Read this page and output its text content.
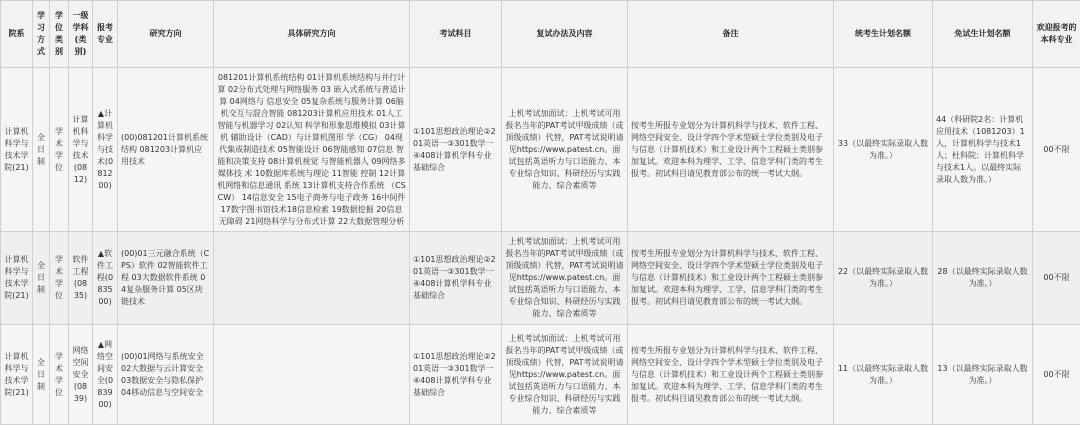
院系	学习方式	学位类别	一级学科(类别)	报考专业	研究方向	具体研究方向	考试科目	复试办法及内容	备注	统考生计划名额	免试生计划名额	欢迎报考的本科专业
计算机科学与技术学院(21)	全日制	学术学位	计算机科学与技术(0812)	▲计算机科学与技术(081200)	(00)081201计算机系统结构 081203计算机应用技术	081201计算机系统结构 01计算机系统结构与并行计算 02分布式处理与网络服务 03 嵌入式系统与普适计算 04网络与 信息安全 05复杂系统与服务计算 06脑机交互与混合智能 081203计算机应用技术 01人工智能与机器学习 02认知 科学和形象思维模拟 03计算机 辅助设计（CAD）与计算机图形 学（CG） 04现代集成制造技术 05智能设计 06智能感知 07信息 智能和决策支持 08计算机视觉 与智能机器人 09网络多媒体技 术 10数据库系统与理论 11智能 控制 12计算机网络和信息通讯 系统 13计算机支持合作系统 （CSCW） 14信息安全 15电子商务与电子政务 16中间件 17数字图书馆技术18信息检索 19数据挖掘 20信息无障碍 21网络科学与分布式计算 22大数据管理分析	①101思想政治理论②201英语一③301数学一④408计算机学科专业基础综合	上机考试加面试：上机考试可用报名当年的PAT考试甲级成绩（或顶级成绩）代替，PAT考试说明请见https://www.patest.cn。面试包括英语听力与口语能力、本专业综合知识、科研经历与实践能力、综合素质等	按考生所报专业划分为计算机科学与技术、软件工程、网络空间安全、设计学四个学术型硕士学位类别及电子与信息（计算机技术）和工业设计两个工程硕士类别参加复试。欢迎本科为理学、工学、信息学科门类的考生报考。初试科目请见教育部公布的统一考试大纲。	33（以最终实际录取人数为准。）	44（科研院2名：计算机应用技术（1081203）1人，计算机科学与技术1人；杜科院：计算机科学与技术1人。以最终实际录取人数为准。）	00不限
计算机科学与技术学院(21)	全日制	学术学位	软件工程(0835)	▲软件工程(083500)	(00)01三元融合系统（CPS）软件 02智能软件工程 03大数据软件系统 04复杂服务计算 05区块链技术		①101思想政治理论②201英语一③301数学一④408计算机学科专业基础综合	上机考试加面试：上机考试可用报名当年的PAT考试甲级成绩（或顶级成绩）代替，PAT考试说明请见https://www.patest.cn。面试包括英语听力与口语能力、本专业综合知识、科研经历与实践能力、综合素质等	按考生所报专业划分为计算机科学与技术、软件工程、网络空间安全、设计学四个学术型硕士学位类别及电子与信息（计算机技术）和工业设计两个工程硕士类别参加复试。欢迎本科为理学、工学、信息学科门类的考生报考。初试科目请见教育部公布的统一考试大纲。	22（以最终实际录取人数为准。）	28（以最终实际录取人数为准。）	00不限
计算机科学与技术学院(21)	全日制	学术学位	网络空间安全(0839)	▲网络空间安全(083900)	(00)01网络与系统安全 02大数据与云计算安全 03数据安全与隐私保护 04移动信息与空间安全		①101思想政治理论②201英语一③301数学一④408计算机学科专业基础综合	上机考试加面试：上机考试可用报名当年的PAT考试甲级成绩（或顶级成绩）代替，PAT考试说明请见https://www.patest.cn。面试包括英语听力与口语能力、本专业综合知识、科研经历与实践能力、综合素质等	按考生所报专业划分为计算机科学与技术、软件工程、网络空间安全、设计学四个学术型硕士学位类别及电子与信息（计算机技术）和工业设计两个工程硕士类别参加复试。欢迎本科为理学、工学、信息学科门类的考生报考。初试科目请见教育部公布的统一考试大纲。	11（以最终实际录取人数为准。）	13（以最终实际录取人数为准。）	00不限
